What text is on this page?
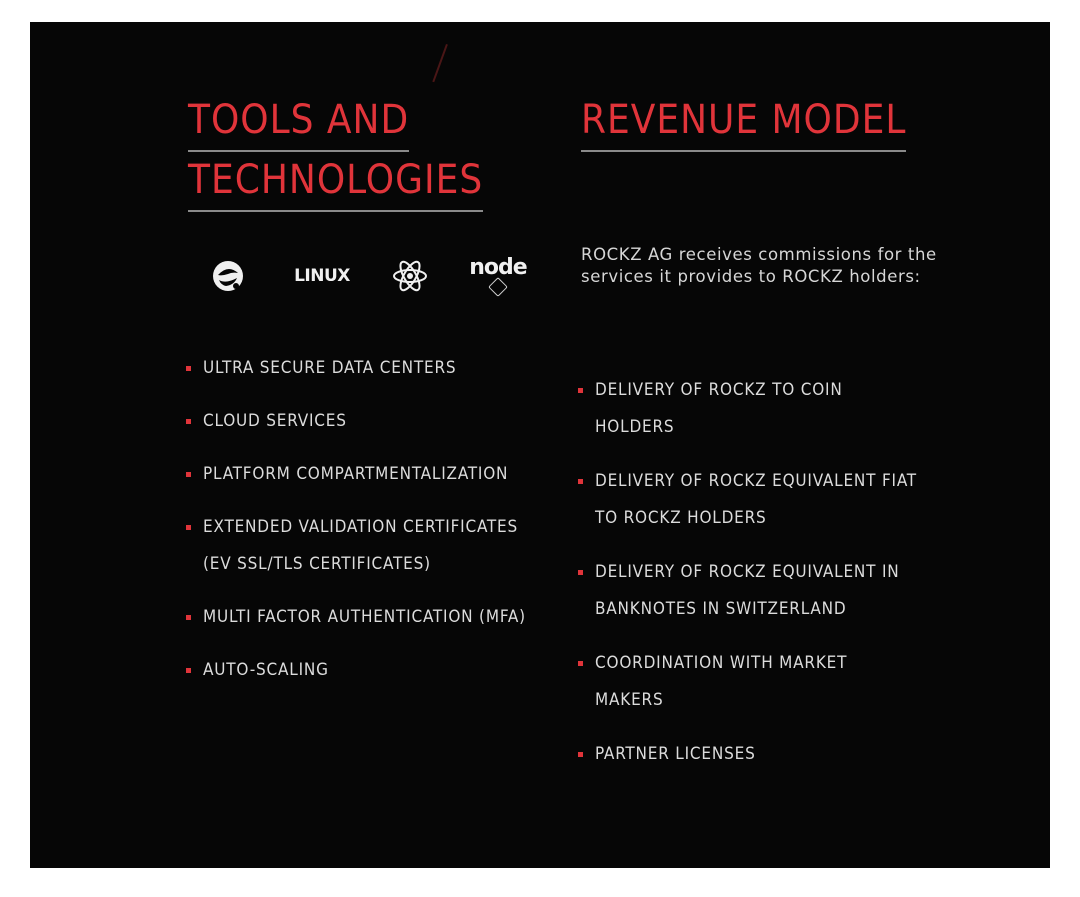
TOOLS AND
TECHNOLOGIES
REVENUE MODEL
LINUX	node

ROCKZ AG receives commissions for the services it provides to ROCKZ holders:

ULTRA SECURE DATA CENTERS
CLOUD SERVICES
PLATFORM COMPARTMENTALIZATION
EXTENDED VALIDATION CERTIFICATES (EV SSL/TLS CERTIFICATES)
MULTI FACTOR AUTHENTICATION (MFA)
AUTO-SCALING
DELIVERY OF ROCKZ TO COIN HOLDERS
DELIVERY OF ROCKZ EQUIVALENT FIAT TO ROCKZ HOLDERS
DELIVERY OF ROCKZ EQUIVALENT IN BANKNOTES IN SWITZERLAND
COORDINATION WITH MARKET MAKERS
PARTNER LICENSES
